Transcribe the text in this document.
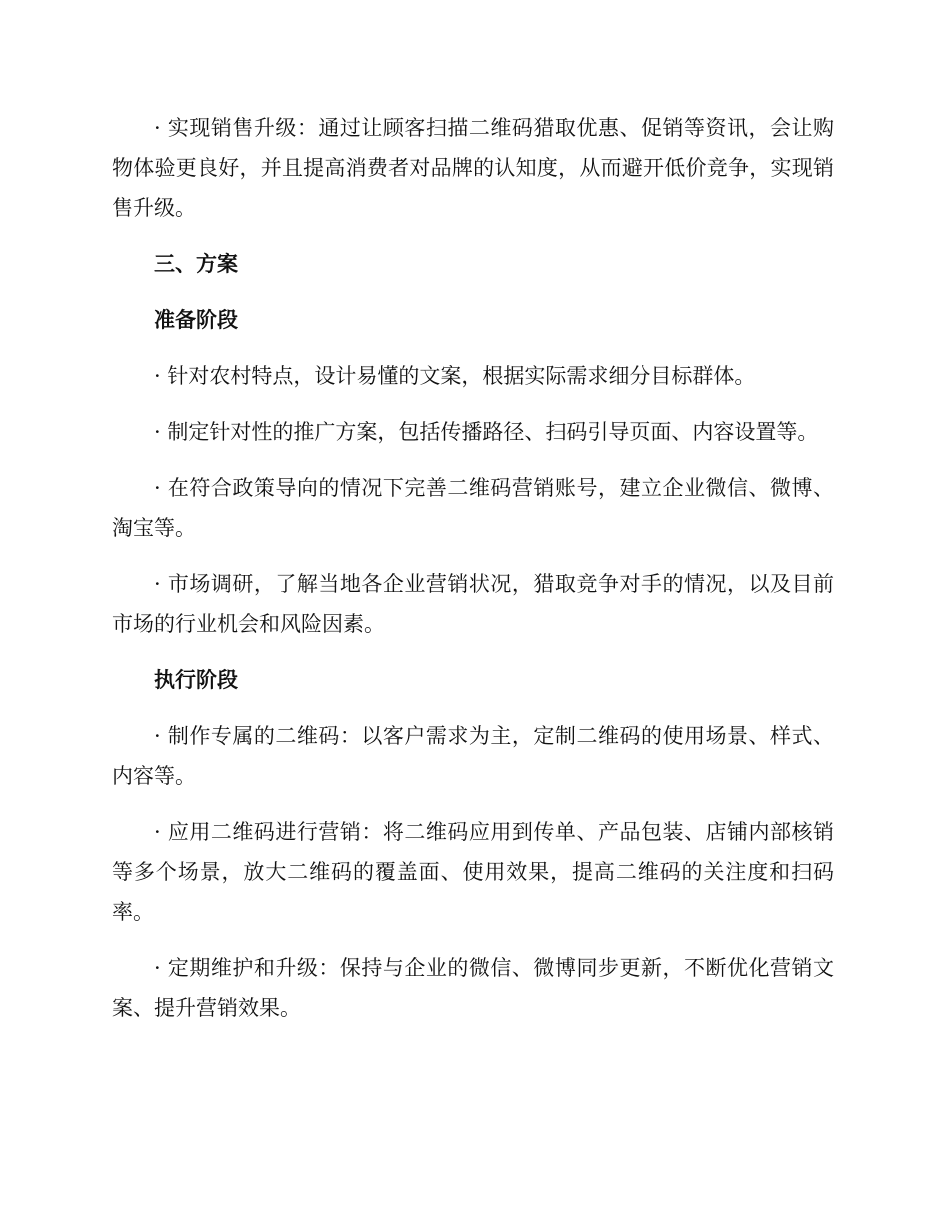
· 实现销售升级：通过让顾客扫描二维码猎取优惠、促销等资讯，会让购物体验更良好，并且提高消费者对品牌的认知度，从而避开低价竞争，实现销售升级。

三、方案

准备阶段

· 针对农村特点，设计易懂的文案，根据实际需求细分目标群体。

· 制定针对性的推广方案，包括传播路径、扫码引导页面、内容设置等。

· 在符合政策导向的情况下完善二维码营销账号，建立企业微信、微博、淘宝等。

· 市场调研，了解当地各企业营销状况，猎取竞争对手的情况，以及目前市场的行业机会和风险因素。

执行阶段

· 制作专属的二维码：以客户需求为主，定制二维码的使用场景、样式、内容等。

· 应用二维码进行营销：将二维码应用到传单、产品包装、店铺内部核销等多个场景，放大二维码的覆盖面、使用效果，提高二维码的关注度和扫码率。

· 定期维护和升级：保持与企业的微信、微博同步更新，不断优化营销文案、提升营销效果。
